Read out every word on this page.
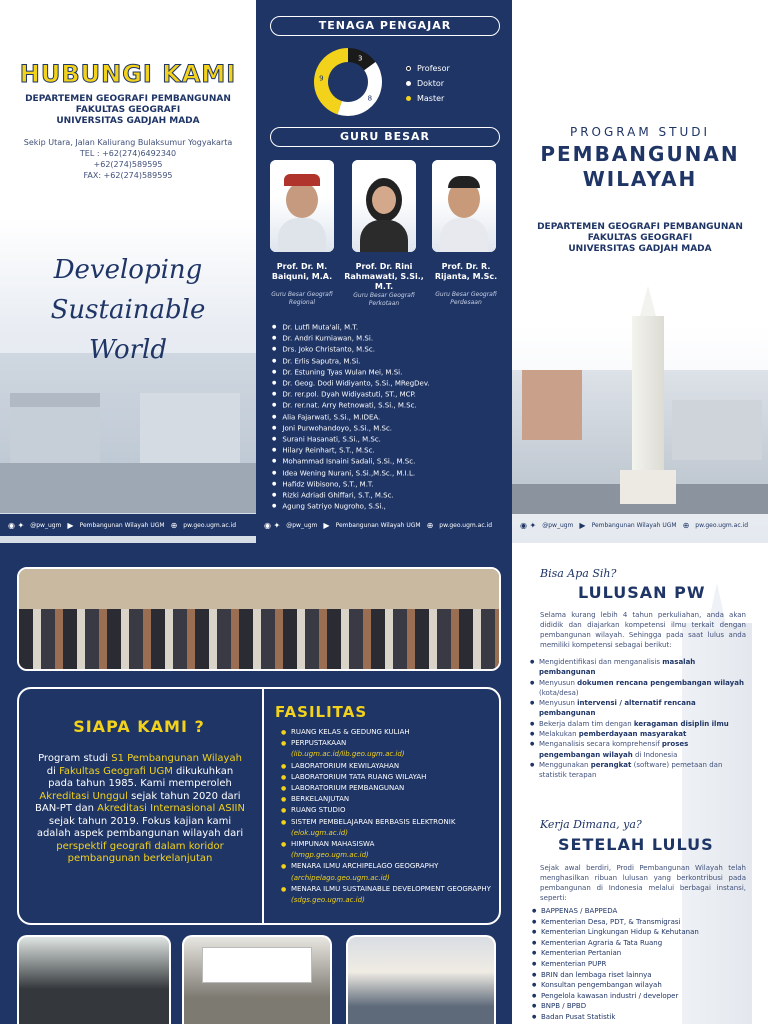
HUBUNGI KAMI
DEPARTEMEN GEOGRAFI PEMBANGUNAN
FAKULTAS GEOGRAFI
UNIVERSITAS GADJAH MADA
Sekip Utara, Jalan Kaliurang Bulaksumur Yogyakarta
TEL : +62(274)6492340
+62(274)589595
FAX: +62(274)589595
Developing
Sustainable
World
◉ ✦ @pw_ugm ▶ Pembangunan Wilayah UGM ⊕ pw.geo.ugm.ac.id
TENAGA PENGAJAR
3
8
9
Profesor
Doktor
Master
GURU BESAR
Prof. Dr. M. Baiquni, M.A.
Guru Besar Geografi Regional
Prof. Dr. Rini Rahmawati, S.Si., M.T.
Guru Besar Geografi Perkotaan
Prof. Dr. R. Rijanta, M.Sc.
Guru Besar Geografi Perdesaan
● Dr. Lutfi Muta'ali, M.T.
● Dr. Andri Kurniawan, M.Si.
● Drs. Joko Christanto, M.Sc.
● Dr. Erlis Saputra, M.Si.
● Dr. Estuning Tyas Wulan Mei, M.Si.
● Dr. Geog. Dodi Widiyanto, S.Si., MRegDev.
● Dr. rer.pol. Dyah Widiyastuti, ST., MCP.
● Dr. rer.nat. Arry Retnowati, S.Si., M.Sc.
● Alia Fajarwati, S.Si., M.IDEA.
● Joni Purwohandoyo, S.Si., M.Sc.
● Surani Hasanati, S.Si., M.Sc.
● Hilary Reinhart, S.T., M.Sc.
● Mohammad Isnaini Sadali, S.Si., M.Sc.
● Idea Wening Nurani, S.Si.,M.Sc., M.I.L.
● Hafidz Wibisono, S.T., M.T.
● Rizki Adriadi Ghiffari, S.T., M.Sc.
● Agung Satriyo Nugroho, S.Si.,
◉ ✦ @pw_ugm ▶ Pembangunan Wilayah UGM ⊕ pw.geo.ugm.ac.id
PROGRAM STUDI
PEMBANGUNAN
WILAYAH
DEPARTEMEN GEOGRAFI PEMBANGUNAN
FAKULTAS GEOGRAFI
UNIVERSITAS GADJAH MADA
◉ ✦ @pw_ugm ▶ Pembangunan Wilayah UGM ⊕ pw.geo.ugm.ac.id
SIAPA KAMI ?
Program studi S1 Pembangunan Wilayah di Fakultas Geografi UGM dikukuhkan pada tahun 1985. Kami memperoleh Akreditasi Unggul sejak tahun 2020 dari BAN-PT dan Akreditasi Internasional ASIIN sejak tahun 2019. Fokus kajian kami adalah aspek pembangunan wilayah dari perspektif geografi dalam koridor pembangunan berkelanjutan
FASILITAS
● RUANG KELAS & GEDUNG KULIAH
● PERPUSTAKAAN
(lib.ugm.ac.id/lib.geo.ugm.ac.id)
● LABORATORIUM KEWILAYAHAN
● LABORATORIUM TATA RUANG WILAYAH
● LABORATORIUM PEMBANGUNAN
● BERKELANJUTAN
● RUANG STUDIO
● SISTEM PEMBELAJARAN BERBASIS ELEKTRONIK
(elok.ugm.ac.id)
● HIMPUNAN MAHASISWA
(hmgp.geo.ugm.ac.id)
● MENARA ILMU ARCHIPELAGO GEOGRAPHY
(archipelago.geo.ugm.ac.id)
● MENARA ILMU SUSTAINABLE DEVELOPMENT GEOGRAPHY
(sdgs.geo.ugm.ac.id)
Bisa Apa Sih?
LULUSAN PW
Selama kurang lebih 4 tahun perkuliahan, anda akan dididik dan diajarkan kompetensi ilmu terkait dengan pembangunan wilayah. Sehingga pada saat lulus anda memiliki kompetensi sebagai berikut:
● Mengidentifikasi dan menganalisis masalah pembangunan
● Menyusun dokumen rencana pengembangan wilayah (kota/desa)
● Menyusun intervensi / alternatif rencana pembangunan
● Bekerja dalam tim dengan keragaman disiplin ilmu
● Melakukan pemberdayaan masyarakat
● Menganalisis secara komprehensif proses pengembangan wilayah di Indonesia
● Menggunakan perangkat (software) pemetaan dan statistik terapan
Kerja Dimana, ya?
SETELAH LULUS
Sejak awal berdiri, Prodi Pembangunan Wilayah telah menghasilkan ribuan lulusan yang berkontribusi pada pembangunan di Indonesia melalui berbagai instansi, seperti:
● BAPPENAS / BAPPEDA
● Kementerian Desa, PDT, & Transmigrasi
● Kementerian Lingkungan Hidup & Kehutanan
● Kementerian Agraria & Tata Ruang
● Kementerian Pertanian
● Kementerian PUPR
● BRIN dan lembaga riset lainnya
● Konsultan pengembangan wilayah
● Pengelola kawasan industri / developer
● BNPB / BPBD
● Badan Pusat Statistik
